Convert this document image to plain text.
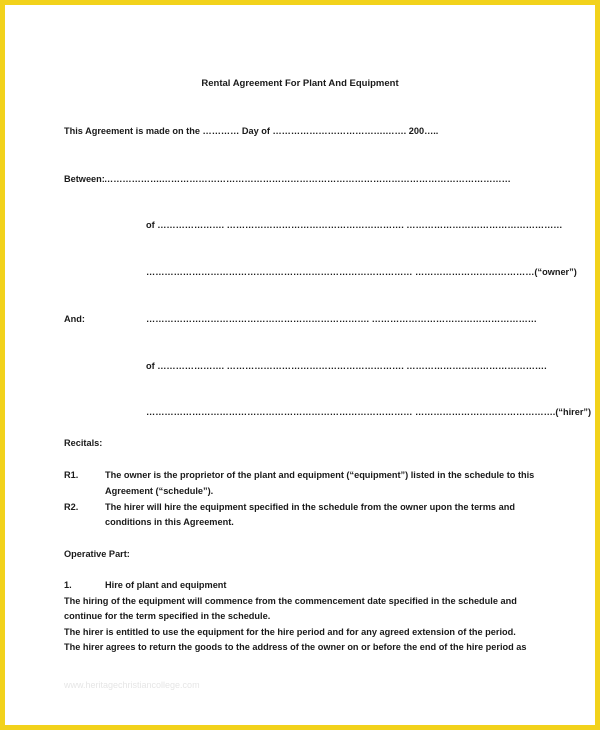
Rental Agreement For Plant And Equipment
This Agreement is made on the ………… Day of ……………………………….……. 200…..
Between: ……………….……………………………………………………………………………………………………
of …………………. …………………………………………………. ……………………………………………
…………………………………………………………………………… …………………………………(“owner”)
And:	………………………………………………………………. ………………………………………………
of …………………. …………………………………………………. ……………………………………….
…………………………………………………………………………… ……………………………………….(“hirer”)
Recitals:
R1.	The owner is the proprietor of the plant and equipment (“equipment”) listed in the schedule to this
Agreement (“schedule”).
R2.	The hirer will hire the equipment specified in the schedule from the owner upon the terms and
conditions in this Agreement.
Operative Part:
1.	Hire of plant and equipment
The hiring of the equipment will commence from the commencement date specified in the schedule and
continue for the term specified in the schedule.
The hirer is entitled to use the equipment for the hire period and for any agreed extension of the period.
The hirer agrees to return the goods to the address of the owner on or before the end of the hire period as
www.heritagechristiancollege.com
